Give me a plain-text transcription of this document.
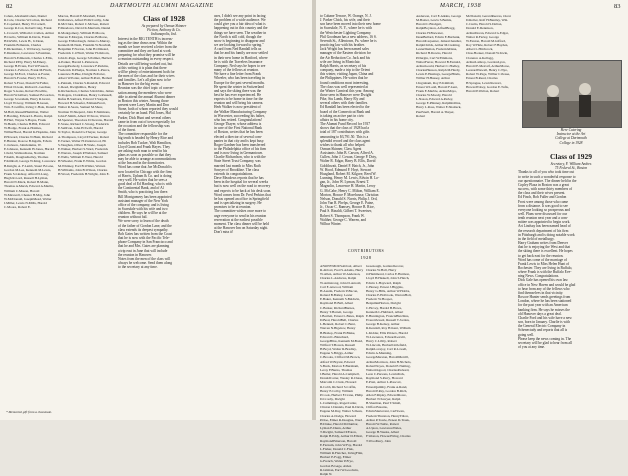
82	DARTMOUTH ALUMNI MAGAZINE
Cohen, AbrahamCohen, Daniel R.Cole, Charles W.Colton, Richard E.Copeland, Henry W.Cornell, George R.Cox, RobertCraig, Frank L.Crowell, William C.Cullen, Arthur H.Curtis, William R.Davis, Frank H.DeWitt, Lewis H., Jr.Dean, Franklin B.Dennis, Charles E.Dickerman, J. W.Dorsey, George E.Dunmore, Lawrence S.Eastman, Harold S.Edmonds, Charles L.Ellis, Richard P.Ely, Harry M.Emery, George H.Evans, Earl W.Fassett, Charles L.Fellows, Frank M.Finch, George M.Ford, Charles A.Foster, Harold S.Fowler, Harry W.Fox, Robert S.Frost, Donald W.Fuller, Elliott D.Gale, Richard L.Gardner, Roger S.Gates, Robert B.Gibbs, Harold W.Gilbert, Samuel B.Gordon, George S.Graham, Harry R.Grant, Lloyd W.Gray, William H.Green, Wm. E.Griffin, Irving C.Hale, Donald M.Hall, RussellHamilton, Walter E.Harding, Edward L.Harris, Ralph H.Hart, Wayne S.Hayes, Frank W.Heath, Charles H.Hill, Edward W.Hodge, Frank A.Holmes, WilburHood, Harold K.Hopkins, John P.Howard, Charles N.Hunt, Richard E.Hunter, Roscoe B.Ingalls, Edwin C.Jackson, JohnJenkins, W. E.Johnson, Kenneth H.Jones, Harold J.Judd, WallaceKane, Norman F.Keith, DouglasKelley, Thomas F.Kimball, George W.King, Lawrence B.Knight, A. F.Lamb, Stuart B.Lane, Gordon M.Lee, Kenneth M.Lewis, Frank S.Lindsay, Alfred D.Long, Hugh R.Lord, Russell H.Lyman, Harold N.Mack, Robert B.Mann, Thomas A.Marsh, Edward A.Martin, William C.Mason, Harold W.Maxwell, Chester H.May, John W.McDonald, JosephMead, Walter J.Miller, Lewis N.Mills, Harold C.Moore, Robert E.
Marcus, Harold E.Marshall, Ernest D.Mattews, Alfred H.McCarthy, John R.McClure, Robert C.McGee, Robert F.Meadows, David K.Merriam, Daniel R.Montgomery, William H.Moore, Warren E.Morgan, Charles B.Morse, George F.Murdough, James G.Murray, Kenneth M.Nash, Franklin W.Newhall, Benjamin F.Norton, John H.Olmsted, Frederick C.O'Neil, Walter H.Osborn, John K.Page, George S.Palmer, Herbert A.Parker, Harold L.Patterson, GeorgePeabody, Lawrence F.Perkins, Frederick D.Phelps, Norman L.Pierce, Laurence B.Pike, Dwight B.Porter, Albert W.Potter, Arthur B.Pratt, Herbert L.Putnam, Charles S.Randall, Edward C.Reed, DwightRice, Henry K.Richardson, Charles S.Robbins, James W.Rogers, ClarkRoss, Henry G.Russell, Rufus B.Sanborn, Edward T.Sargent, Howard H.Schaefer, EdmundScott, Walter R.Sears, Samuel M.Shaw, Norman W.Shepard, John E.Simmons, John F.Smith, Albert W.Snow, Warren M.Spencer, Theodore D.Stevens, Harold E.Stone, Richard C.Strong, Frederick E.Sullivan, John H.Swift, Harold N.Taylor, Donald G.Thayer, George A.Thompson, Lloyd P.Tucker, Robert E.Turner, Walter H.Underwood, Eli S.Vaughan, Oliver H.Wade, Joseph E.Walker, Herbert S.Ward, Frederick E.Warren, Joseph P.Webster, Samuel E.Wells, William E.West, Harold H.Wheeler, Frank E.White, Gordon M.Whitney, Earl B.Wilder, Warren H.Williams, John B.Wilson, Charles H.Wood, Frederick H.Wright, John E.
Class of 1928
As prepared by Osmun Skinner
Fiction, Anthony & Co.
Indianapolis, Ind.
Interest in the BIG TENTH is increas-
ing as the time draws near. Within the
month we have received a letter from the
committee and they are hard at work
preparing for what they promise will be
a reunion outstanding in every respect.
Details are still being worked out, but
at this writing it is plain that there
will be plenty of entertainment both for
the men of the class and for their wives
and families. Let's all plan now to be
in Hanover for the big event.
Reunion was the chief topic of conver-
sation among the members who were
able to attend the annual Alumni dinner
in Boston this winter. Among those
present were Larry Martin and Don
Stone, both of whom reported they would
certainly be on hand. Phil Jones, Hal
Parker, Dick Hunt and several others
came in from out of town especially for
the occasion and the fellowship was
of the finest.
The committee responsible for the
big tenth is headed by Henry Rice and
includes Bob Tucker, Walt Hamilton,
Lloyd Grant and Frank Hayes. They
are asking each man to send in his
plans as soon as possible so that they
may be able to arrange accommodations
at the Inn and in the dormitories.
Word has come that Joe McDonald is
now located in Chicago with the firm
of Harris, Upham & Co. and is doing
very well. He writes that he sees a
good deal of Ed Harding, who is with
the Continental Bank, and of Al
Smith, who is practicing law there.
Bill Montgomery has been appointed
assistant manager of the New York
office of the company, and is living
in Scarsdale with his wife and two
children. He says he will be at the
reunion without fail.
We were sorry to learn of the death
of the father of Gordon Lane, and the
class extends its deepest sympathy.
Bob Gates has written from the Coast
that he is now with the Pacific Tele-
phone Company in San Francisco and
that he and Mrs. Gates are planning
a trip east in June that will include
the reunion in Hanover.
Notes from the men of the class will
always be welcome. Send them along
to the secretary at any time.
uses, I didn't see any point in facing
the problem of a wide audience. We
could give you a fair idea of what is
happening out in this country and the
things we have seen. The weather in
the North is still cold, though the
snow is beginning to disappear and
we are looking forward to spring."
A card from Ned Randall tells us
that he and his family are now settled
in their new home in Hartford, where
he is with the Travelers Insurance
Company. Ned says he hopes to see
many of the fellows at reunion.
We have a fine letter from Frank
Wheeler, who has been traveling in
Europe for the past several months.
He spent the winter in Switzerland
and says the skiing there was the
best he has ever experienced. He
expects to be home in time for the
reunion and will bring his camera.
Herb Walker is now president of
the Walker Manufacturing Company
in Worcester, succeeding his father,
who has retired. Congratulations!
George Thayer, whose address is
in care of the First National Bank
of Boston, writes that he has been
elected a director of several com-
panies in that city and is kept busy.
Roger Gardner has been transferred
to the Philadelphia office of his firm
and is now living in Germantown.
Charlie Richardson, who is with the
State Street Trust Company, was
married last month to Miss Ruth
Sawyer of Brookline. The class
extends its congratulations.
Dave Meadows reports that he has
been in the hospital for several weeks
but is now well on the road to recovery
and expects to be back at his desk soon.
Word comes from Dr. Fred Perkins that
he has opened an office in Springfield
and is specializing in surgery. He
promises to be at reunion.
The committee wishes once more to
urge everyone to send in his reunion
reservation at the earliest possible
moment. The class dinner will be held
at the Hanover Inn on Saturday night.
Don't miss it!
* Memorial gift from a classmate.
MARCH, 1938	83
to Cabane Terrace, W. Orange, N. J.
J. Parker Chick, his wife, and their
son have been moved into their new home
in Scarsdale, N. Y., where he is with
the Westchester Lighting Company.
Phil Goodman has a new address, 16 S.
Seventh St., Allentown, Pa. where he is
practicing law with his brother.
Jack Wright has been named sales
manager of the Eastern division for
the Air Reduction Co. Jack and his
wife are living in Montclair.
Ralph Harris, as secretary of his
company, made a trip to the Orient
this winter, visiting Japan, China and
the Philippines. He writes that he
found conditions most interesting.
The class was well represented at
the Winter Carnival this year. Among
those seen in Hanover were Dwight
Pike, Stu Lamb, Harry Ely and
several others with their families.
Ed Randall has been elected to the
board of the Connecticut Bank and
is taking an active part in civic
affairs in his home city.
The Alumni Fund Record for 1937
shows that the class of 1928 had a
total of 187 contributors with gifts
amounting to $3,791.50. This is a
splendid record and the class agent
wishes to thank all who helped.
Osmun Skinner, Class Agent
Assistants: John B. Carson, Alfred A.
Cullen, John J. Cowan, George P. Doty,
Walter R. Edgar, Harry B. Ellis, David
Goldthwait, Daniel F. Hatch, Jr., John
W. Hood, Edmund F. Hoyt, Stewart
Hoagland, Robert M. Kilgore, Reed W.
Lunning, Henry M. Lewis, Edwin H. Lo-
gan, Jr., John W. Lyman, Ernest T.
Magnolin, Lawrence H. Martin, Leroy
G. McCabe, Henry C. Milton, William E.
Morton, Horace P. Morehouse, Christian
Nelson, Donald S. Norris, Philip J. Ord,
John Van R. Phelps, George E. Paine,
Jr., Oscar C. Ramsey, Horace B. Rice,
Paul S. Rinaldi, Gilbert T. Sweetser,
Robert S. Thompson, Frank W.
Walther, George C. Warren, and
Wilbur Winter.
CONTRIBUTORS
1928
ANONYMOUSAbbott, Albert R.Abbott, Fred S.Adams, Harry W.Allen, Arthur W.Anderson, Charles L.Andrews, Ralph W.Armstrong, John D.Arnold, Carl E.Atwood, William H.Austin, Frederic P.Bacon, Roland B.Bailey, Lester E.Baker, Kenneth S.Baldwin, Raymond H.Ball, Albert C.Barker, RichardBarnes, Henry T.Barrett, George J.Bartlett, Ernest L.Bates, Ralph D.Beal, HaroldBell, Charles L.Bennett, Robert C.Bent, Warren N.Bigelow, Henry B.Bishop, Frank H.Blake, Edward L.Blanchard, GeorgeBliss, Kenneth M.Bond, Wilfred T.Bowen, Russell H.Boyd, Walter R.Bradley, Eugene S.Briggs, Arthur C.Brooks, Clifford M.Brown, Alfred W.Bryant, Edward S.Buck, Morton E.Burnham, Leroy F.Burns, Thomas J.Butler, Harold A.Campbell, DonaldCarter, Wesley R.Chase, Malcolm C.Clark, Howard R.Cobb, Richard S.Coffin, Henry E.Colby, William P.Cook, Herbert F.Crane, Philip D.Crosby, Dwight L.Cummings, RogerCutler, Clinton J.Daniels, Paul R.Davis, Eugene M.Day, Walter S.Dean, Charles A.Dodge, Howard P.Doe, Elmer R.Douglas, Ward H.Drake, Harold M.Dunbar, Lyman E.Dunn, Arthur T.Dwight, Samuel P.Eaton, Ralph B.Eddy, Arthur D.Elliott, RaymondEmerson, Harold E.Farnum, John W.Fay, Harold L.Fisher, Donald C.Fisk, William R.Fletcher, IrvingFlint, Herbert E.Fogg, Elmer G.French, Walter P.Frye, Gordon B.Gage, Alden R.Gilman, Earl W.Goodwin, Ralph N.
Greenough, GarlandGrover, Charles W.Hall, Harry O.Hammond, Carlos E.Harmon, Lloyd H.Haskell, John S.Hatch, Edwin L.Hayward, Ralph C.Hersey, Ernest J.Higgins, Henry G.Hills, Arthur W.Hobbs, Charles E.Holbrook, WarrenHolt, Frederic W.Hooper, BenjaminHorton, Dwight C.Hovey, Harold B.Howe, Kenneth L.Hubbard, Albert E.Huntington, FrancisHutchins, EverettJewett, Russell T.Jordan, George B.Kelsey, Arthur R.Kendall, Roy H.Kent, William L.Kidder, Ellis P.Knox, Harold W.Lawrence, EdwardLeavitt, Harry C.Libby, Robert W.Lincoln, HerbertLittlefield, RalphLovejoy, Carl R.Lowell, Edwin A.Manning, GeorgeMarston, HaroldMerrill, ArthurMorrison, John H.Nichols, RobertNoyes, Donald E.Nutting, WalterOsgood, CharlesPackard, Leon C.Parsons, LewisPeck, Raymond S.Perry, Howard E.Pratt, Arthur L.Prescott, ErnestQuimby, Frank A.Rand, Harold P.Ray, Gordon B.Rich, Allen F.Ripley, EdwardRowe, Herbert N.Sawyer, Ralph B.Sherman, Paul T.Small, CliffordStearns, EdwinSturtevant, CarlSwan, FredericThurston, HenryTilton, Arthur P.Towle, Ernest D.Trask, Harold W.Tuttle, Robert A.Upton, LawrenceWales, George H.Weeks, Albert F.Weston, HowardWing, Charles T.Woodbury, John
Anderson, Carl E.Atkins, George M.Baxter, Lewis S.Bemis, Harold C.Blodgett, RalphBoynton, AlfredBragg, Charles H.Brewster, DeanBullard, Edwin E.Burbank, HaroldCarpenter, JamesChandler, RalphChilds, Arthur M.Cushing, LesterDamon, FrederickDana, Richard H.Downs, Harold P.Durgin, Carl W.Emmons, WalterFarrar, Howard B.Fernald, ArthurGould, Herbert C.Hadley, CharlesHanson, Ralph M.Hardy, Lewis E.Hastings, GeorgeHinds, Wilbur H.Hussey, Arthur J.Ingraham, Roy E.Kimball, Ernest W.Ladd, Harold F.Lunt, Frank E.Marble, ArthurMayo, Charles W.Moody, Harold L.Nason, Edward A.Perley, George E.Phinney, RalphRollins, Harry L.Ross, Walter E.Shattuck, PaulSnell, Harold A.Thayer, Robert
McDonald, GerardReeves, Oscar D.Roller, Rolf H.Bentley, Wm. C.Curtis, Harold S.Dalton, Donald E.Dennison, ArthurDoran, Edward G.Edgar, Walter R.Farley, George W.Fenton, Harold M.Gifford, Roy W.Hale, Robert F.Hayden, Albert L.Hitchcock, Chas.Hooker, Donald W.Irwin, Clarence A.Kellogg, ArthurLathrop, GordonLyon, Harold E.Metcalf, ArthurMorse, LeonardNewell, Henry C.Nye, Robert W.Page, Wilbur C.Pease, Ernest B.Read, Charles H.Sprague, LewisStewart, HowardTobey, Gordon E.Tufts, Harold P.Walton, Robert
Here Catering
Instructor at the Art
College at Dartmouth
College in 1928
Class of 1929
Secretary, F. William Andres
75 Federal St., Boston
Thanks to all of you who took time out
to write in such a wonderful response to
our questionnaire. The dinner held in the
Copley Plaza in Boston was a great
success, with some thirty members of
the class and their wives present.
Ed Finch, Bob Fuller and Gordon
Frost were among those who came
from a distance. It was good to see
everyone looking so prosperous and
well. Plans were discussed for our
tenth reunion next year and a com-
mittee was appointed to begin work.
Art Lindsay has been named head of
the research department of his firm
in Pittsburgh and is doing notable work
in the field of metallurgy.
Harry Graham writes from Denver
that he is enjoying the West and that
the skiing there is excellent. He hopes
to get back east for the reunion.
Word has come of the marriage of
Frank Lewis to Miss Helen Hunt of
Rochester. They are living in Buffalo,
where Frank is with the Buffalo Eve-
ning News. Congratulations.
Dick Gale has opened his own law
office in New Haven and would be glad
to hear from any of the fellows who
find themselves in that vicinity.
Roscoe Hunter sends greetings from
London, where he has been stationed
for the past year with an American
banking firm. He says he misses the
old Hanover days a great deal.
Charlie Ford and his wife have a new
son, born in January. Charlie is with
the General Electric Company in
Schenectady and reports that all is
going well.
Please keep the news coming in. The
secretary will be glad to hear from all
of you at any time.
